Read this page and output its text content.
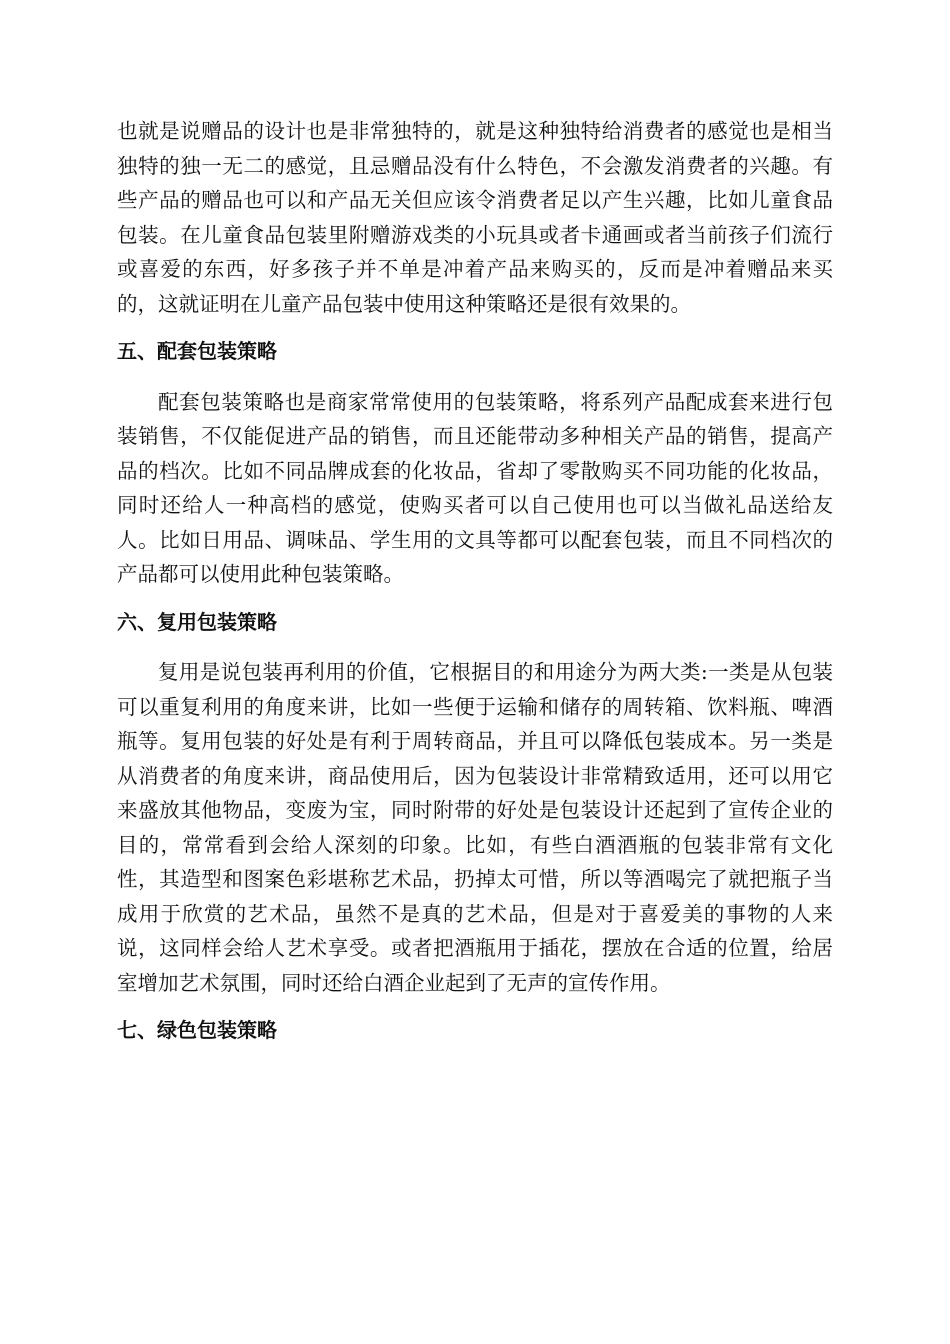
也就是说赠品的设计也是非常独特的，就是这种独特给消费者的感觉也是相当独特的独一无二的感觉，且忌赠品没有什么特色，不会激发消费者的兴趣。有些产品的赠品也可以和产品无关但应该令消费者足以产生兴趣，比如儿童食品包装。在儿童食品包装里附赠游戏类的小玩具或者卡通画或者当前孩子们流行或喜爱的东西，好多孩子并不单是冲着产品来购买的，反而是冲着赠品来买的，这就证明在儿童产品包装中使用这种策略还是很有效果的。

五、配套包装策略

配套包装策略也是商家常常使用的包装策略，将系列产品配成套来进行包装销售，不仅能促进产品的销售，而且还能带动多种相关产品的销售，提高产品的档次。比如不同品牌成套的化妆品，省却了零散购买不同功能的化妆品，同时还给人一种高档的感觉，使购买者可以自己使用也可以当做礼品送给友人。比如日用品、调味品、学生用的文具等都可以配套包装，而且不同档次的产品都可以使用此种包装策略。

六、复用包装策略

复用是说包装再利用的价值，它根据目的和用途分为两大类:一类是从包装可以重复利用的角度来讲，比如一些便于运输和储存的周转箱、饮料瓶、啤酒瓶等。复用包装的好处是有利于周转商品，并且可以降低包装成本。另一类是从消费者的角度来讲，商品使用后，因为包装设计非常精致适用，还可以用它来盛放其他物品，变废为宝，同时附带的好处是包装设计还起到了宣传企业的目的，常常看到会给人深刻的印象。比如，有些白酒酒瓶的包装非常有文化性，其造型和图案色彩堪称艺术品，扔掉太可惜，所以等酒喝完了就把瓶子当成用于欣赏的艺术品，虽然不是真的艺术品，但是对于喜爱美的事物的人来说，这同样会给人艺术享受。或者把酒瓶用于插花，摆放在合适的位置，给居室增加艺术氛围，同时还给白酒企业起到了无声的宣传作用。

七、绿色包装策略
